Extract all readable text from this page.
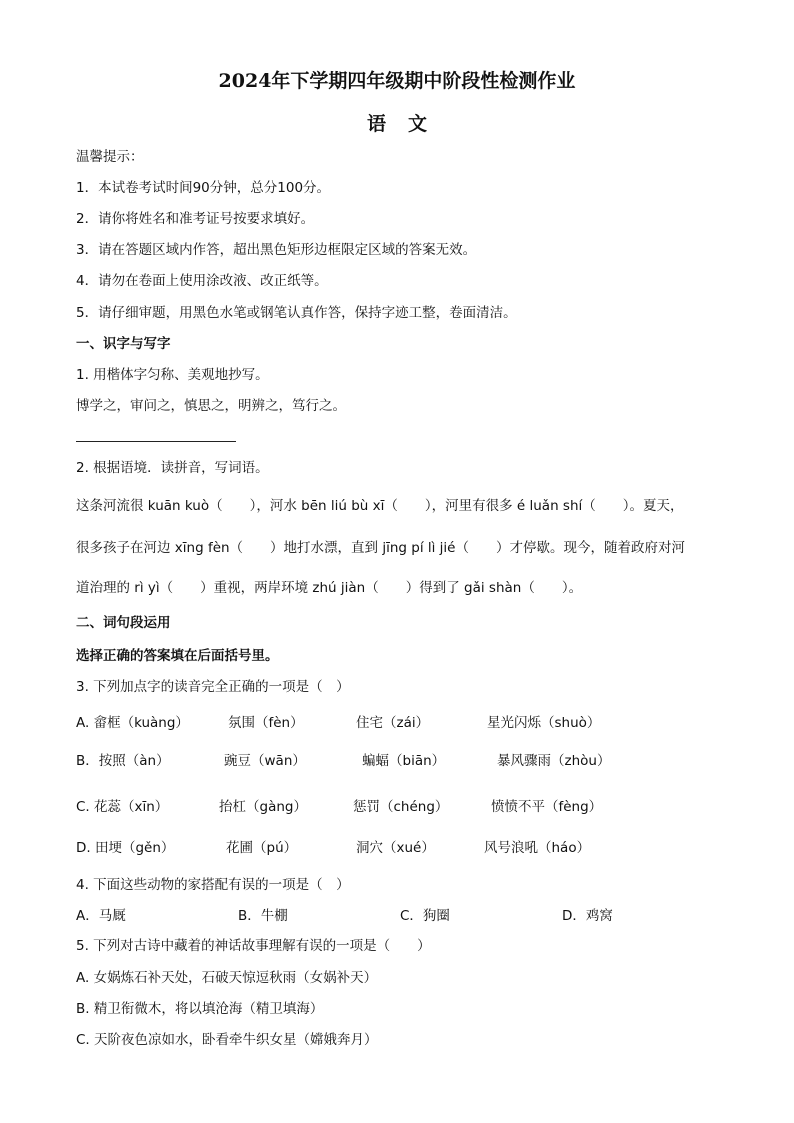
2024年下学期四年级期中阶段性检测作业
语文
温馨提示：
1．本试卷考试时间90分钟，总分100分。
2．请你将姓名和准考证号按要求填好。
3．请在答题区域内作答，超出黑色矩形边框限定区域的答案无效。
4．请勿在卷面上使用涂改液、改正纸等。
5．请仔细审题，用黑色水笔或钢笔认真作答，保持字迹工整，卷面清洁。
一、识字与写字
1. 用楷体字匀称、美观地抄写。
博学之，审问之，慎思之，明辨之，笃行之。
2. 根据语境．读拼音，写词语。
这条河流很 kuān kuò（　　），河水 bēn liú bù xī（　　），河里有很多 é luǎn shí（　　）。夏天，
很多孩子在河边 xīng fèn（　　）地打水漂，直到 jīng pí lì jié（　　）才停歇。现今，随着政府对河
道治理的 rì yì（　　）重视，两岸环境 zhú jiàn（　　）得到了 gǎi shàn（　　）。
二、词句段运用
选择正确的答案填在后面括号里。
3. 下列加点字的读音完全正确的一项是（　）
A. 畲框（kuàng）	氛围（fèn）	住宅（zái）	星光闪烁（shuò）
B．按照（àn）	豌豆（wān）	蝙蝠（biān）	暴风骤雨（zhòu）
C. 花蕊（xīn）	抬杠（gàng）	惩罚（chéng）	愤愤不平（fèng）
D. 田埂（gěn）	花圃（pú）	洞穴（xué）	风号浪吼（háo）
4. 下面这些动物的家搭配有误的一项是（　）
A．马厩	B．牛棚	C．狗圈	D．鸡窝
5. 下列对古诗中藏着的神话故事理解有误的一项是（　　）
A. 女娲炼石补天处，石破天惊逗秋雨（女娲补天）
B. 精卫衔微木，将以填沧海（精卫填海）
C. 天阶夜色凉如水，卧看牵牛织女星（嫦娥奔月）
